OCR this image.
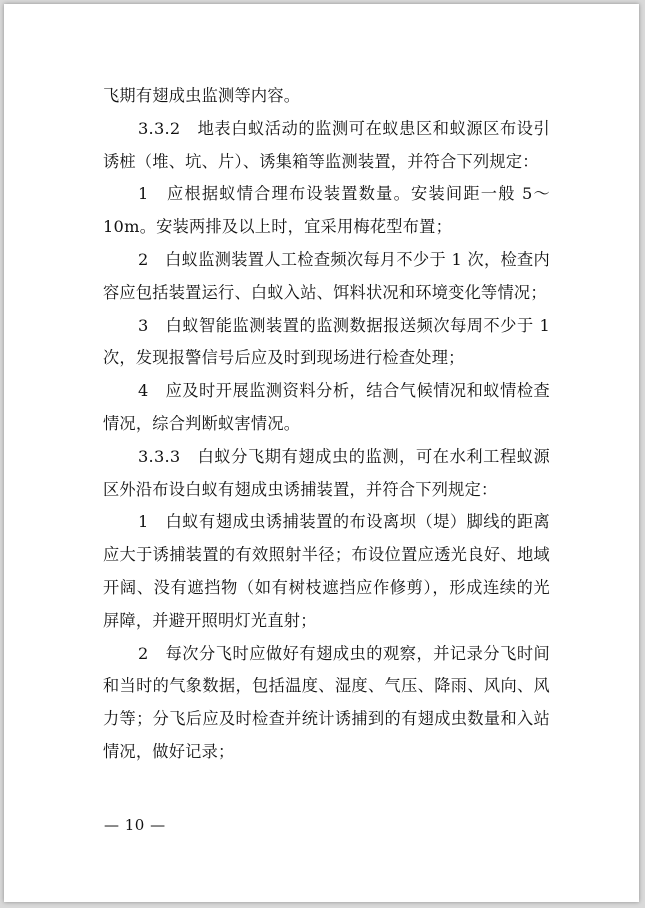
飞期有翅成虫监测等内容。

3.3.2　地表白蚁活动的监测可在蚁患区和蚁源区布设引诱桩（堆、坑、片）、诱集箱等监测装置，并符合下列规定：

1　应根据蚁情合理布设装置数量。安装间距一般 5～10m。安装两排及以上时，宜采用梅花型布置；

2　白蚁监测装置人工检查频次每月不少于 1 次，检查内容应包括装置运行、白蚁入站、饵料状况和环境变化等情况；

3　白蚁智能监测装置的监测数据报送频次每周不少于 1 次，发现报警信号后应及时到现场进行检查处理；

4　应及时开展监测资料分析，结合气候情况和蚁情检查情况，综合判断蚁害情况。

3.3.3　白蚁分飞期有翅成虫的监测，可在水利工程蚁源区外沿布设白蚁有翅成虫诱捕装置，并符合下列规定：

1　白蚁有翅成虫诱捕装置的布设离坝（堤）脚线的距离应大于诱捕装置的有效照射半径；布设位置应透光良好、地域开阔、没有遮挡物（如有树枝遮挡应作修剪），形成连续的光屏障，并避开照明灯光直射；

2　每次分飞时应做好有翅成虫的观察，并记录分飞时间和当时的气象数据，包括温度、湿度、气压、降雨、风向、风力等；分飞后应及时检查并统计诱捕到的有翅成虫数量和入站情况，做好记录；

— 10 —
